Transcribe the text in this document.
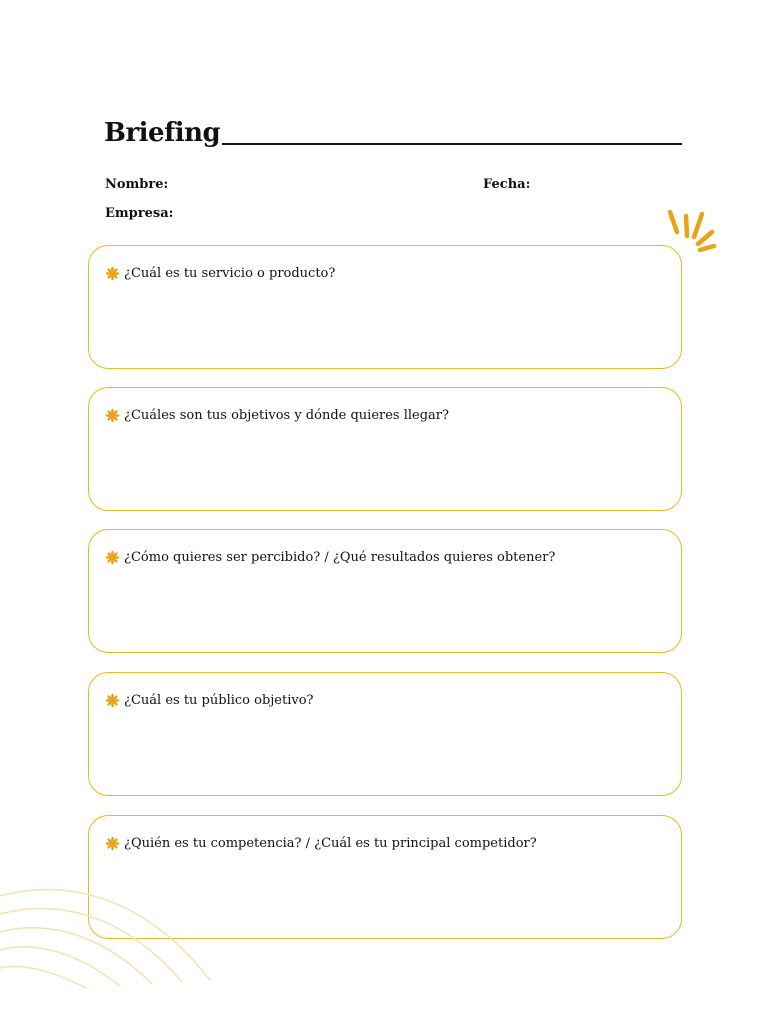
Briefing
Nombre:	Fecha:
Empresa:
¿Cuál es tu servicio o producto?
¿Cuáles son tus objetivos y dónde quieres llegar?
¿Cómo quieres ser percibido? / ¿Qué resultados quieres obtener?
¿Cuál es tu público objetivo?
¿Quién es tu competencia? / ¿Cuál es tu principal competidor?
